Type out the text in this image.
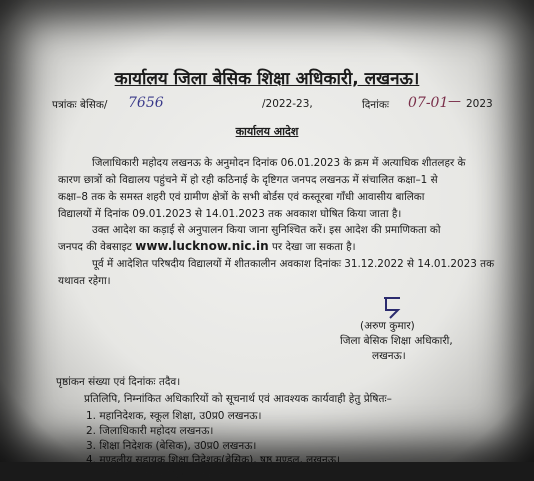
कार्यालय जिला बेसिक शिक्षा अधिकारी, लखनऊ।
पत्रांकः बेसिक/ 7656	/2022-23,	दिनांकः 07-01 — 2023
कार्यालय आदेश
जिलाधिकारी महोदय लखनऊ के अनुमोदन दिनांक 06.01.2023 के क्रम में अत्याधिक शीतलहर के
कारण छात्रों को विद्यालय पहुंचने में हो रही कठिनाई के दृष्टिगत जनपद लखनऊ में संचालित कक्षा–1 से
कक्षा–8 तक के समस्त शहरी एवं ग्रामीण क्षेत्रों के सभी बोर्डस एवं कस्तूरबा गाँधी आवासीय बालिका
विद्यालयों में दिनांक 09.01.2023 से 14.01.2023 तक अवकाश घोषित किया जाता है।
उक्त आदेश का कड़ाई से अनुपालन किया जाना सुनिश्चित करें। इस आदेश की प्रमाणिकता को
जनपद की वेबसाइट www.lucknow.nic.in पर देखा जा सकता है।
पूर्व में आदेशित परिषदीय विद्यालयों में शीतकालीन अवकाश दिनांकः 31.12.2022 से 14.01.2023 तक
यथावत रहेगा।
(अरुण कुमार)
जिला बेसिक शिक्षा अधिकारी,
लखनऊ।
पृष्ठांकन संख्या एवं दिनांकः तदैव।
प्रतिलिपि, निम्नांकित अधिकारियों को सूचनार्थ एवं आवश्यक कार्यवाही हेतु प्रेषितः–
1. महानिदेशक, स्कूल शिक्षा, उ0प्र0 लखनऊ।
2. जिलाधिकारी महोदय लखनऊ।
3. शिक्षा निदेशक (बेसिक), उ0प्र0 लखनऊ।
4. मण्डलीय सहायक शिक्षा निदेशक(बेसिक), षष्ठ मण्डल, लखनऊ।
5. जिला विद्यालय निरीक्षक, लखनऊ।
